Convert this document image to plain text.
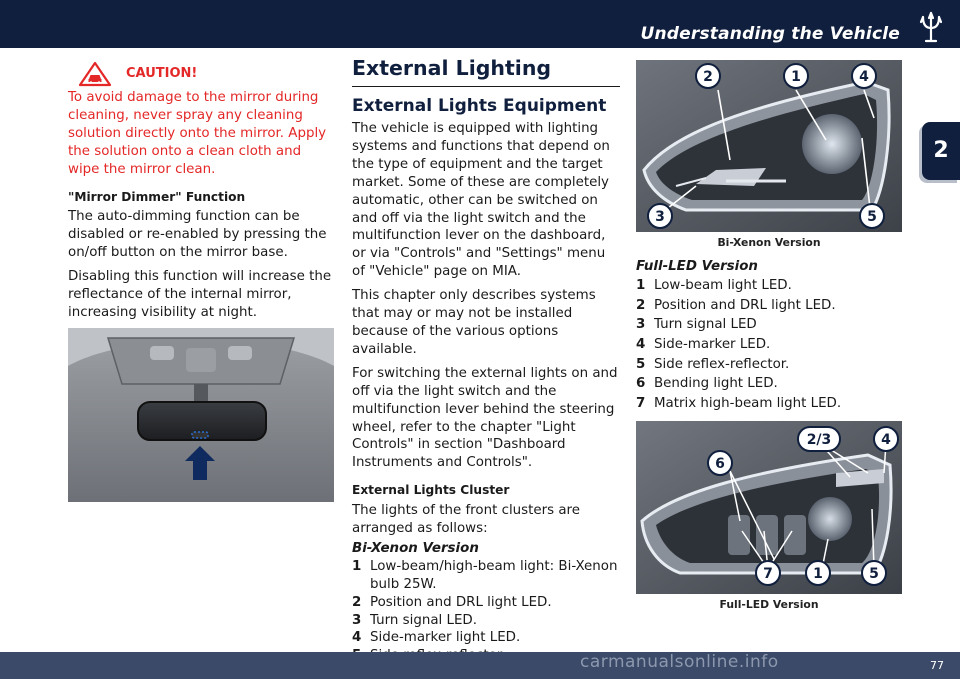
Understanding the Vehicle
2
CAUTION!
To avoid damage to the mirror during cleaning, never spray any cleaning solution directly onto the mirror. Apply the solution onto a clean cloth and wipe the mirror clean.
"Mirror Dimmer" Function
The auto-dimming function can be disabled or re-enabled by pressing the on/off button on the mirror base.
Disabling this function will increase the reflectance of the internal mirror, increasing visibility at night.
External Lighting
External Lights Equipment
The vehicle is equipped with lighting systems and functions that depend on the type of equipment and the target market. Some of these are completely automatic, other can be switched on and off via the light switch and the multifunction lever on the dashboard, or via "Controls" and "Settings" menu of "Vehicle" page on MIA.
This chapter only describes systems that may or may not be installed because of the various options available.
For switching the external lights on and off via the light switch and the multifunction lever behind the steering wheel, refer to the chapter "Light Controls" in section "Dashboard Instruments and Controls".
External Lights Cluster
The lights of the front clusters are arranged as follows:
Bi-Xenon Version
1 Low-beam/high-beam light: Bi-Xenon bulb 25W.
2 Position and DRL light LED.
3 Turn signal LED.
4 Side-marker light LED.
2	1	4
3	5
Bi-Xenon Version
Full-LED Version
1 Low-beam light LED.
2 Position and DRL light LED.
3 Turn signal LED
4 Side-marker LED.
5 Side reflex-reflector.
6 Bending light LED.
7 Matrix high-beam light LED.
2/3	4
6
7	1	5
Full-LED Version
carmanualsonline.info	77
